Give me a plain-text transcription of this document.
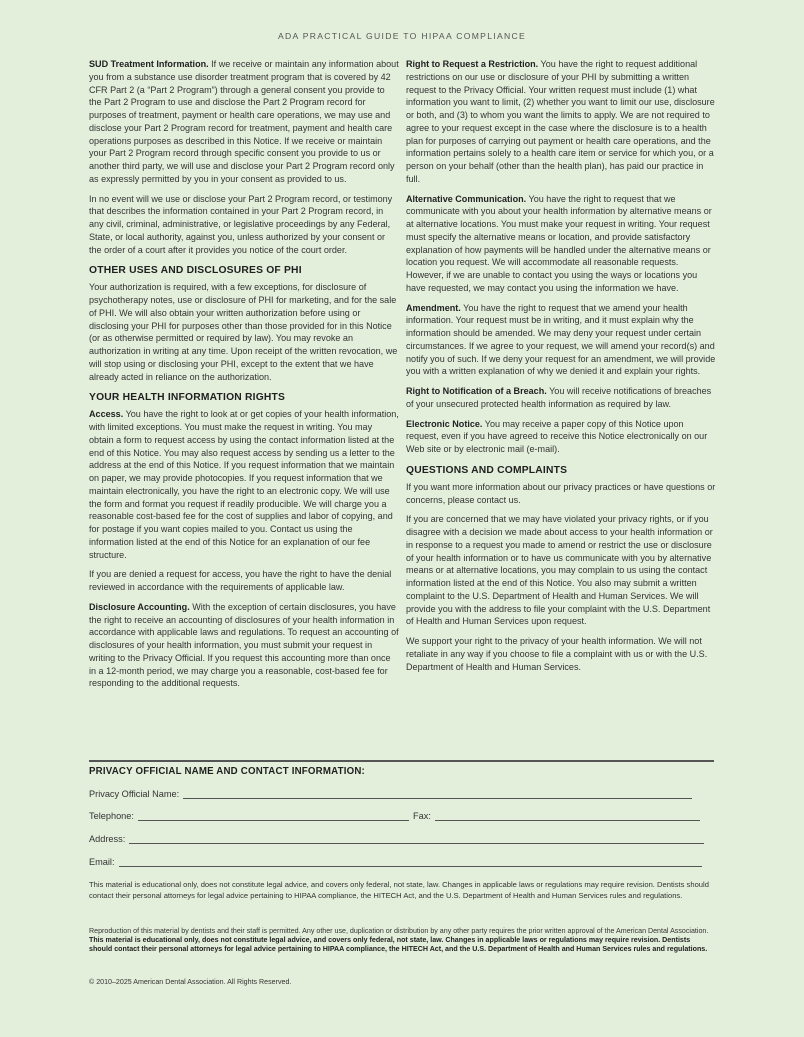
ADA PRACTICAL GUIDE TO HIPAA COMPLIANCE

SUD Treatment Information. If we receive or maintain any information about you from a substance use disorder treatment program that is covered by 42 CFR Part 2 (a “Part 2 Program”) through a general consent you provide to the Part 2 Program to use and disclose the Part 2 Program record for purposes of treatment, payment or health care operations, we may use and disclose your Part 2 Program record for treatment, payment and health care operations purposes as described in this Notice. If we receive or maintain your Part 2 Program record through specific consent you provide to us or another third party, we will use and disclose your Part 2 Program record only as expressly permitted by you in your consent as provided to us.

In no event will we use or disclose your Part 2 Program record, or testimony that describes the information contained in your Part 2 Program record, in any civil, criminal, administrative, or legislative proceedings by any Federal, State, or local authority, against you, unless authorized by your consent or the order of a court after it provides you notice of the court order.

OTHER USES AND DISCLOSURES OF PHI

Your authorization is required, with a few exceptions, for disclosure of psychotherapy notes, use or disclosure of PHI for marketing, and for the sale of PHI. We will also obtain your written authorization before using or disclosing your PHI for purposes other than those provided for in this Notice (or as otherwise permitted or required by law). You may revoke an authorization in writing at any time. Upon receipt of the written revocation, we will stop using or disclosing your PHI, except to the extent that we have already acted in reliance on the authorization.

YOUR HEALTH INFORMATION RIGHTS

Access. You have the right to look at or get copies of your health information, with limited exceptions. You must make the request in writing. You may obtain a form to request access by using the contact information listed at the end of this Notice. You may also request access by sending us a letter to the address at the end of this Notice. If you request information that we maintain on paper, we may provide photocopies. If you request information that we maintain electronically, you have the right to an electronic copy. We will use the form and format you request if readily producible. We will charge you a reasonable cost-based fee for the cost of supplies and labor of copying, and for postage if you want copies mailed to you. Contact us using the information listed at the end of this Notice for an explanation of our fee structure.

If you are denied a request for access, you have the right to have the denial reviewed in accordance with the requirements of applicable law.

Disclosure Accounting. With the exception of certain disclosures, you have the right to receive an accounting of disclosures of your health information in accordance with applicable laws and regulations. To request an accounting of disclosures of your health information, you must submit your request in writing to the Privacy Official. If you request this accounting more than once in a 12-month period, we may charge you a reasonable, cost-based fee for responding to the additional requests.

Right to Request a Restriction. You have the right to request additional restrictions on our use or disclosure of your PHI by submitting a written request to the Privacy Official. Your written request must include (1) what information you want to limit, (2) whether you want to limit our use, disclosure or both, and (3) to whom you want the limits to apply. We are not required to agree to your request except in the case where the disclosure is to a health plan for purposes of carrying out payment or health care operations, and the information pertains solely to a health care item or service for which you, or a person on your behalf (other than the health plan), has paid our practice in full.

Alternative Communication. You have the right to request that we communicate with you about your health information by alternative means or at alternative locations. You must make your request in writing. Your request must specify the alternative means or location, and provide satisfactory explanation of how payments will be handled under the alternative means or location you request. We will accommodate all reasonable requests. However, if we are unable to contact you using the ways or locations you have requested, we may contact you using the information we have.

Amendment. You have the right to request that we amend your health information. Your request must be in writing, and it must explain why the information should be amended. We may deny your request under certain circumstances. If we agree to your request, we will amend your record(s) and notify you of such. If we deny your request for an amendment, we will provide you with a written explanation of why we denied it and explain your rights.

Right to Notification of a Breach. You will receive notifications of breaches of your unsecured protected health information as required by law.

Electronic Notice. You may receive a paper copy of this Notice upon request, even if you have agreed to receive this Notice electronically on our Web site or by electronic mail (e-mail).

QUESTIONS AND COMPLAINTS

If you want more information about our privacy practices or have questions or concerns, please contact us.

If you are concerned that we may have violated your privacy rights, or if you disagree with a decision we made about access to your health information or in response to a request you made to amend or restrict the use or disclosure of your health information or to have us communicate with you by alternative means or at alternative locations, you may complain to us using the contact information listed at the end of this Notice. You also may submit a written complaint to the U.S. Department of Health and Human Services. We will provide you with the address to file your complaint with the U.S. Department of Health and Human Services upon request.

We support your right to the privacy of your health information. We will not retaliate in any way if you choose to file a complaint with us or with the U.S. Department of Health and Human Services.

PRIVACY OFFICIAL NAME AND CONTACT INFORMATION:
Privacy Official Name:
Telephone:	Fax:
Address:
Email:
This material is educational only, does not constitute legal advice, and covers only federal, not state, law. Changes in applicable laws or regulations may require revision. Dentists should contact their personal attorneys for legal advice pertaining to HIPAA compliance, the HITECH Act, and the U.S. Department of Health and Human Services rules and regulations.
Reproduction of this material by dentists and their staff is permitted. Any other use, duplication or distribution by any other party requires the prior written approval of the American Dental Association. This material is educational only, does not constitute legal advice, and covers only federal, not state, law. Changes in applicable laws or regulations may require revision. Dentists should contact their personal attorneys for legal advice pertaining to HIPAA compliance, the HITECH Act, and the U.S. Department of Health and Human Services rules and regulations.
© 2010–2025 American Dental Association. All Rights Reserved.
